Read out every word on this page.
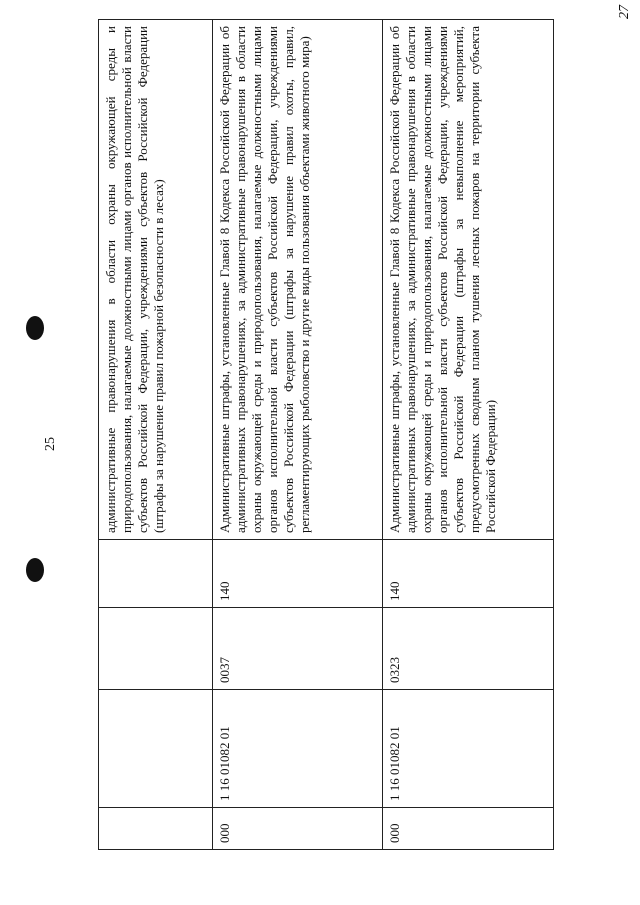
25
27
				административные правонарушения в области охраны окружающей среды и природопользования, налагаемые должностными лицами органов исполнительной власти субъектов Российской Федерации, учреждениями субъектов Российской Федерации (штрафы за нарушение правил пожарной безопасности в лесах)
000	1 16 01082 01	0037	140	Административные штрафы, установленные Главой 8 Кодекса Российской Федерации об административных правонарушениях, за административные правонарушения в области охраны окружающей среды и природопользования, налагаемые должностными лицами органов исполнительной власти субъектов Российской Федерации, учреждениями субъектов Российской Федерации (штрафы за нарушение правил охоты, правил, регламентирующих рыболовство и другие виды пользования объектами животного мира)
000	1 16 01082 01	0323	140	Административные штрафы, установленные Главой 8 Кодекса Российской Федерации об административных правонарушениях, за административные правонарушения в области охраны окружающей среды и природопользования, налагаемые должностными лицами органов исполнительной власти субъектов Российской Федерации, учреждениями субъектов Российской Федерации (штрафы за невыполнение мероприятий, предусмотренных сводным планом тушения лесных пожаров на территории субъекта Российской Федерации)
